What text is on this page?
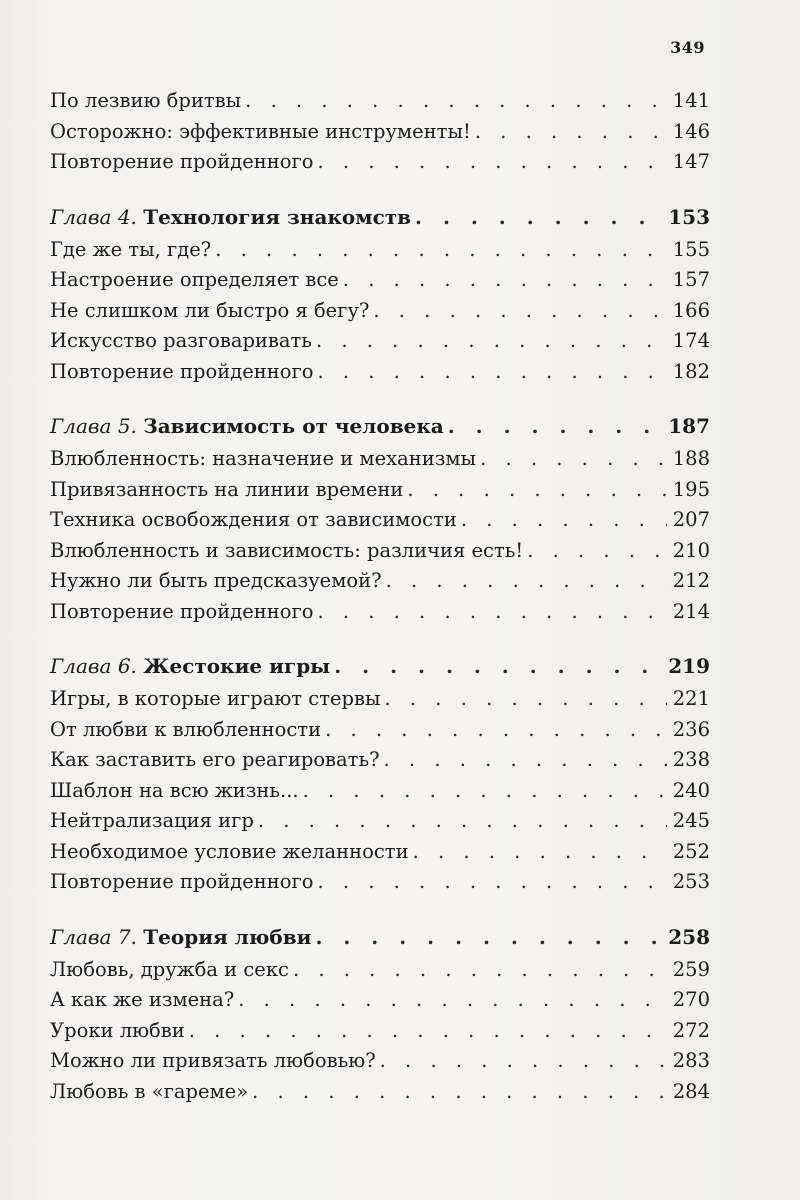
349
По лезвию бритвы . . .	141
Осторожно: эффективные инструменты! . . .	146
Повторение пройденного . . .	147
Глава 4. Технология знакомств . . .	153
Где же ты, где? . . .	155
Настроение определяет все . . .	157
Не слишком ли быстро я бегу? . . .	166
Искусство разговаривать . . .	174
Повторение пройденного . . .	182
Глава 5. Зависимость от человека . . .	187
Влюбленность: назначение и механизмы . . .	188
Привязанность на линии времени . . .	195
Техника освобождения от зависимости . . .	207
Влюбленность и зависимость: различия есть! . . .	210
Нужно ли быть предсказуемой? . . .	212
Повторение пройденного . . .	214
Глава 6. Жестокие игры . . .	219
Игры, в которые играют стервы . . .	221
От любви к влюбленности . . .	236
Как заставить его реагировать? . . .	238
Шаблон на всю жизнь... . . .	240
Нейтрализация игр . . .	245
Необходимое условие желанности . . .	252
Повторение пройденного . . .	253
Глава 7. Теория любви . . .	258
Любовь, дружба и секс . . .	259
А как же измена? . . .	270
Уроки любви . . .	272
Можно ли привязать любовью? . . .	283
Любовь в «гареме» . . .	284
